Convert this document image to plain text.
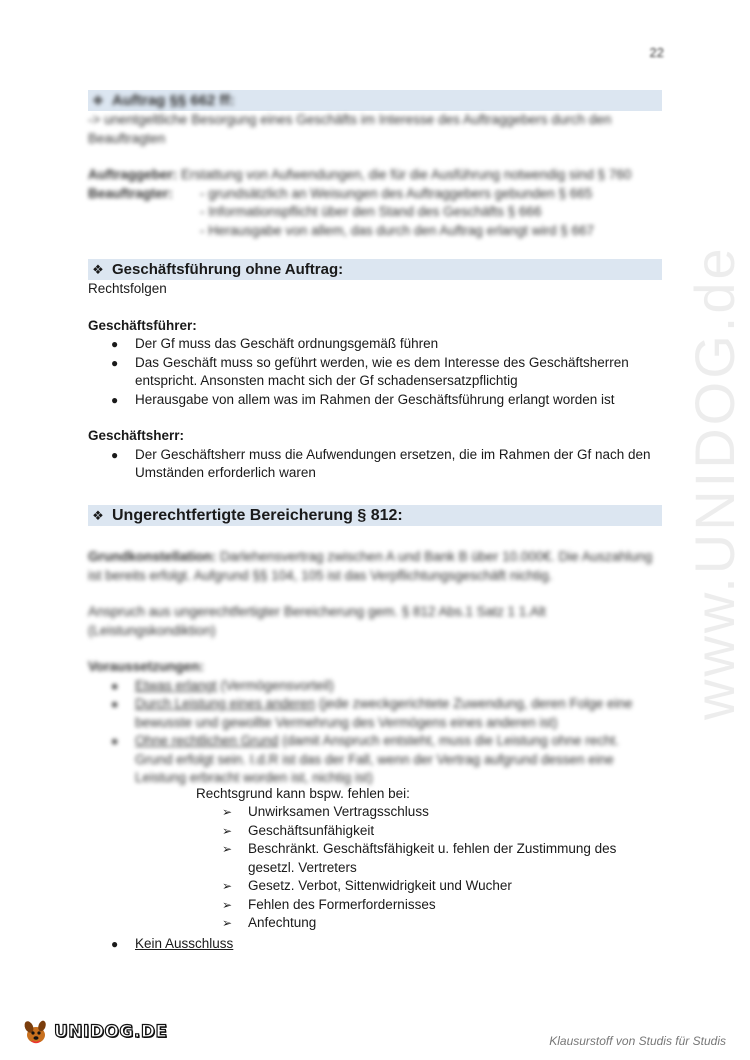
22
www.UNIDOG.de
❖ Auftrag §§ 662 ff:
-> unentgeltliche Besorgung eines Geschäfts im Interesse des Auftraggebers durch den
Beauftragten
Auftraggeber: Erstattung von Aufwendungen, die für die Ausführung notwendig sind § 760
Beauftragter: - grundsätzlich an Weisungen des Auftraggebers gebunden § 665
- Informationspflicht über den Stand des Geschäfts § 666
- Herausgabe von allem, das durch den Auftrag erlangt wird § 667
❖ Geschäftsführung ohne Auftrag:
Rechtsfolgen
Geschäftsführer:
● Der Gf muss das Geschäft ordnungsgemäß führen
● Das Geschäft muss so geführt werden, wie es dem Interesse des Geschäftsherren
entspricht. Ansonsten macht sich der Gf schadensersatzpflichtig
● Herausgabe von allem was im Rahmen der Geschäftsführung erlangt worden ist
Geschäftsherr:
● Der Geschäftsherr muss die Aufwendungen ersetzen, die im Rahmen der Gf nach den
Umständen erforderlich waren
❖ Ungerechtfertigte Bereicherung § 812:
Grundkonstellation: Darlehensvertrag zwischen A und Bank B über 10.000€. Die Auszahlung
ist bereits erfolgt. Aufgrund §§ 104, 105 ist das Verpflichtungsgeschäft nichtig.
Anspruch aus ungerechtfertigter Bereicherung gem. § 812 Abs.1 Satz 1 1.Alt
(Leistungskondiktion)
Voraussetzungen:
● Etwas erlangt (Vermögensvorteil)
● Durch Leistung eines anderen (jede zweckgerichtete Zuwendung, deren Folge eine
bewusste und gewollte Vermehrung des Vermögens eines anderen ist)
● Ohne rechtlichen Grund (damit Anspruch entsteht, muss die Leistung ohne recht.
Grund erfolgt sein. I.d.R ist das der Fall, wenn der Vertrag aufgrund dessen eine
Leistung erbracht worden ist, nichtig ist)
Rechtsgrund kann bspw. fehlen bei:
➢ Unwirksamen Vertragsschluss
➢ Geschäftsunfähigkeit
➢ Beschränkt. Geschäftsfähigkeit u. fehlen der Zustimmung des
gesetzl. Vertreters
➢ Gesetz. Verbot, Sittenwidrigkeit und Wucher
➢ Fehlen des Formerfordernisses
➢ Anfechtung
● Kein Ausschluss
UNIDOG.DE	Klausurstoff von Studis für Studis
